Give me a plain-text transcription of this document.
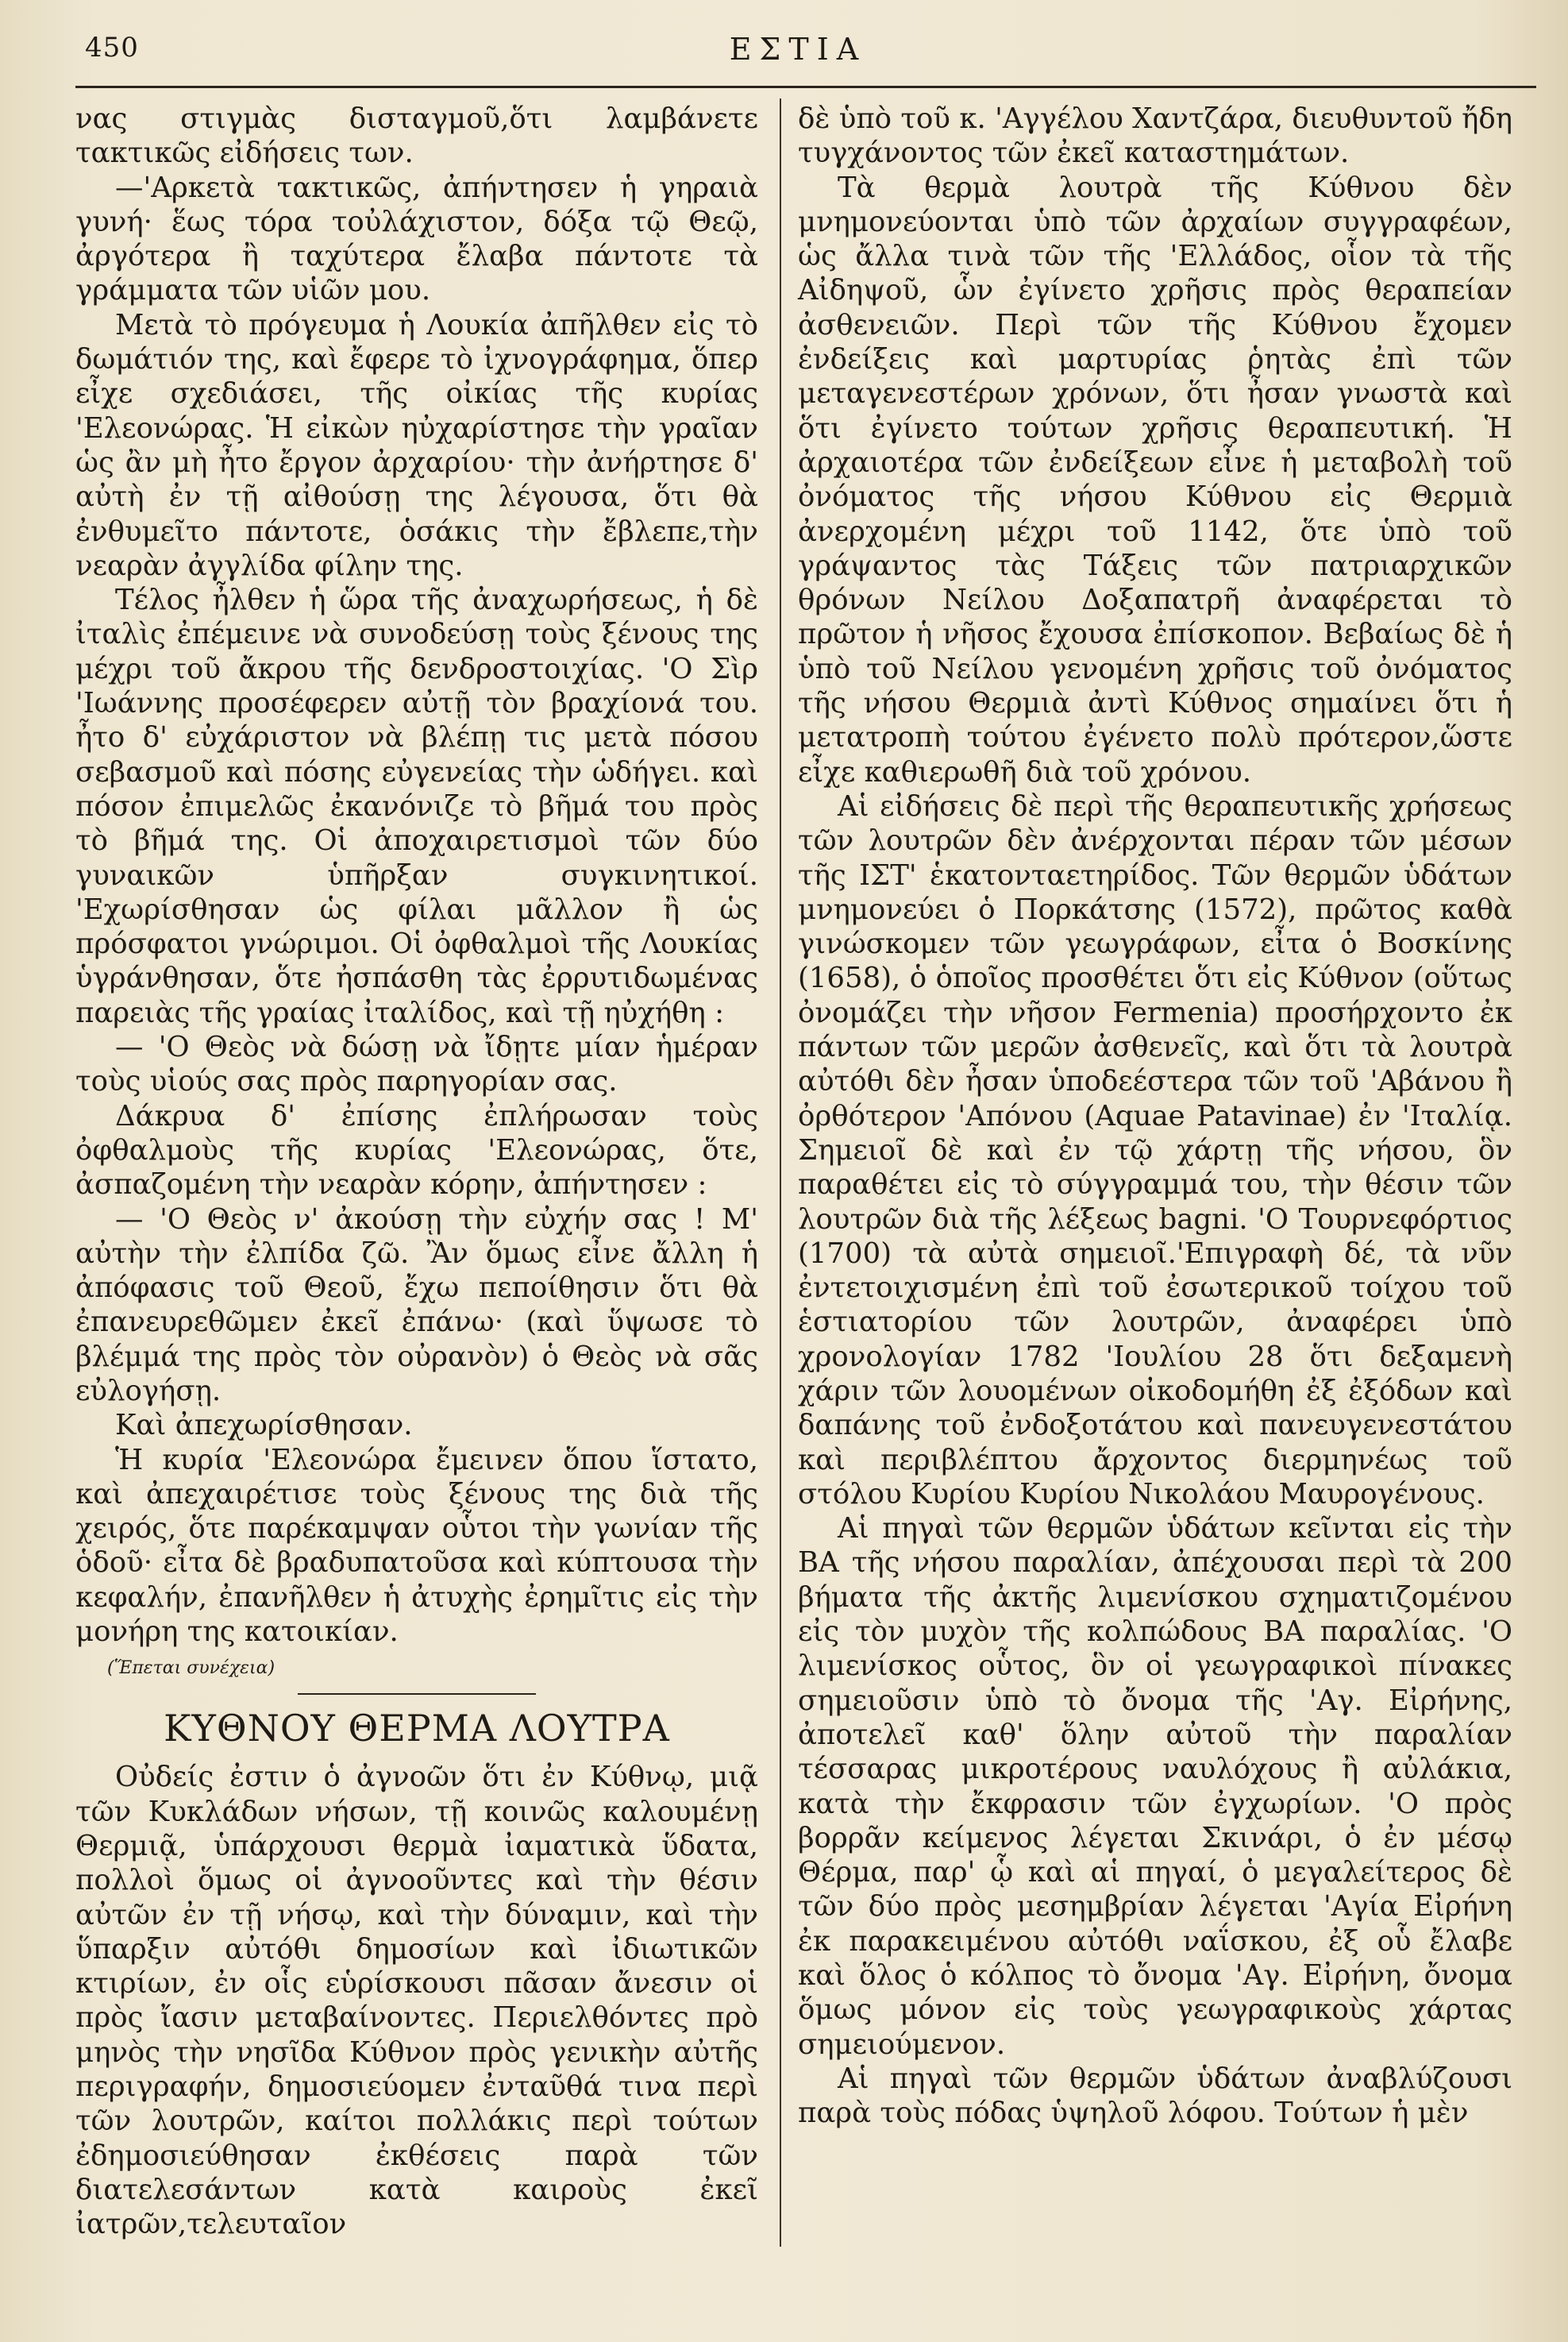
450	ΕΣΤΙΑ

νας στιγμὰς δισταγμοῦ,ὅτι λαμβάνετε τακτικῶς εἰδήσεις των.

—'Αρκετὰ τακτικῶς, ἀπήντησεν ἡ γηραιὰ γυνή· ἕως τόρα τοὐλάχιστον, δόξα τῷ Θεῷ, ἀργότερα ἢ ταχύτερα ἔλαβα πάντοτε τὰ γράμματα τῶν υἱῶν μου.

Μετὰ τὸ πρόγευμα ἡ Λουκία ἀπῆλθεν εἰς τὸ δωμάτιόν της, καὶ ἔφερε τὸ ἰχνογράφημα, ὅπερ εἶχε σχεδιάσει, τῆς οἰκίας τῆς κυρίας 'Ελεονώρας. Ἡ εἰκὼν ηὐχαρίστησε τὴν γραῖαν ὡς ἂν μὴ ἦτο ἔργον ἀρχαρίου· τὴν ἀνήρτησε δ' αὐτὴ ἐν τῇ αἰθούσῃ της λέγουσα, ὅτι θὰ ἐνθυμεῖτο πάντοτε, ὁσάκις τὴν ἔβλεπε,τὴν νεαρὰν ἀγγλίδα φίλην της.

Τέλος ἦλθεν ἡ ὥρα τῆς ἀναχωρήσεως, ἡ δὲ ἰταλὶς ἐπέμεινε νὰ συνοδεύσῃ τοὺς ξένους της μέχρι τοῦ ἄκρου τῆς δενδροστοιχίας. 'Ο Σὶρ 'Ιωάννης προσέφερεν αὐτῇ τὸν βραχίονά του. ἦτο δ' εὐχάριστον νὰ βλέπῃ τις μετὰ πόσου σεβασμοῦ καὶ πόσης εὐγενείας τὴν ὡδήγει. καὶ πόσον ἐπιμελῶς ἐκανόνιζε τὸ βῆμά του πρὸς τὸ βῆμά της. Οἱ ἀποχαιρετισμοὶ τῶν δύο γυναικῶν ὑπῆρξαν συγκινητικοί. 'Εχωρίσθησαν ὡς φίλαι μᾶλλον ἢ ὡς πρόσφατοι γνώριμοι. Οἱ ὀφθαλμοὶ τῆς Λουκίας ὑγράνθησαν, ὅτε ἠσπάσθη τὰς ἐρρυτιδωμένας παρειὰς τῆς γραίας ἰταλίδος, καὶ τῇ ηὐχήθη :

— 'Ο Θεὸς νὰ δώσῃ νὰ ἴδῃτε μίαν ἡμέραν τοὺς υἱούς σας πρὸς παρηγορίαν σας.

Δάκρυα δ' ἐπίσης ἐπλήρωσαν τοὺς ὀφθαλμοὺς τῆς κυρίας 'Ελεονώρας, ὅτε, ἀσπαζομένη τὴν νεαρὰν κόρην, ἀπήντησεν :

— 'Ο Θεὸς ν' ἀκούσῃ τὴν εὐχήν σας ! Μ' αὐτὴν τὴν ἐλπίδα ζῶ. Ἂν ὅμως εἶνε ἄλλη ἡ ἀπόφασις τοῦ Θεοῦ, ἔχω πεποίθησιν ὅτι θὰ ἐπανευρεθῶμεν ἐκεῖ ἐπάνω· (καὶ ὕψωσε τὸ βλέμμά της πρὸς τὸν οὐρανὸν) ὁ Θεὸς νὰ σᾶς εὐλογήσῃ.

Καὶ ἀπεχωρίσθησαν.

Ἡ κυρία 'Ελεονώρα ἔμεινεν ὅπου ἵστατο, καὶ ἀπεχαιρέτισε τοὺς ξένους της διὰ τῆς χειρός, ὅτε παρέκαμψαν οὗτοι τὴν γωνίαν τῆς ὁδοῦ· εἶτα δὲ βραδυπατοῦσα καὶ κύπτουσα τὴν κεφαλήν, ἐπανῆλθεν ἡ ἀτυχὴς ἐρημῖτις εἰς τὴν μονήρη της κατοικίαν.

(Ἕπεται συνέχεια)
ΚΥΘΝΟΥ ΘΕΡΜΑ ΛΟΥΤΡΑ

Οὐδείς ἐστιν ὁ ἀγνοῶν ὅτι ἐν Κύθνῳ, μιᾷ τῶν Κυκλάδων νήσων, τῇ κοινῶς καλουμένῃ Θερμιᾷ, ὑπάρχουσι θερμὰ ἰαματικὰ ὕδατα, πολλοὶ ὅμως οἱ ἀγνοοῦντες καὶ τὴν θέσιν αὐτῶν ἐν τῇ νήσῳ, καὶ τὴν δύναμιν, καὶ τὴν ὕπαρξιν αὐτόθι δημοσίων καὶ ἰδιωτικῶν κτιρίων, ἐν οἷς εὑρίσκουσι πᾶσαν ἄνεσιν οἱ πρὸς ἴασιν μεταβαίνοντες. Περιελθόντες πρὸ μηνὸς τὴν νησῖδα Κύθνον πρὸς γενικὴν αὐτῆς περιγραφήν, δημοσιεύομεν ἐνταῦθά τινα περὶ τῶν λουτρῶν, καίτοι πολλάκις περὶ τούτων ἐδημοσιεύθησαν ἐκθέσεις παρὰ τῶν διατελεσάντων κατὰ καιροὺς ἐκεῖ ἰατρῶν,τελευταῖον

δὲ ὑπὸ τοῦ κ. 'Αγγέλου Χαντζάρα, διευθυντοῦ ἤδη τυγχάνοντος τῶν ἐκεῖ καταστημάτων.

Τὰ θερμὰ λουτρὰ τῆς Κύθνου δὲν μνημονεύονται ὑπὸ τῶν ἀρχαίων συγγραφέων, ὡς ἄλλα τινὰ τῶν τῆς 'Ελλάδος, οἷον τὰ τῆς Αἰδηψοῦ, ὧν ἐγίνετο χρῆσις πρὸς θεραπείαν ἀσθενειῶν. Περὶ τῶν τῆς Κύθνου ἔχομεν ἐνδείξεις καὶ μαρτυρίας ῥητὰς ἐπὶ τῶν μεταγενεστέρων χρόνων, ὅτι ἦσαν γνωστὰ καὶ ὅτι ἐγίνετο τούτων χρῆσις θεραπευτική. Ἡ ἀρχαιοτέρα τῶν ἐνδείξεων εἶνε ἡ μεταβολὴ τοῦ ὀνόματος τῆς νήσου Κύθνου εἰς Θερμιὰ ἀνερχομένη μέχρι τοῦ 1142, ὅτε ὑπὸ τοῦ γράψαντος τὰς Τάξεις τῶν πατριαρχικῶν θρόνων Νείλου Δοξαπατρῆ ἀναφέρεται τὸ πρῶτον ἡ νῆσος ἔχουσα ἐπίσκοπον. Βεβαίως δὲ ἡ ὑπὸ τοῦ Νείλου γενομένη χρῆσις τοῦ ὀνόματος τῆς νήσου Θερμιὰ ἀντὶ Κύθνος σημαίνει ὅτι ἡ μετατροπὴ τούτου ἐγένετο πολὺ πρότερον,ὥστε εἶχε καθιερωθῆ διὰ τοῦ χρόνου.

Αἱ εἰδήσεις δὲ περὶ τῆς θεραπευτικῆς χρήσεως τῶν λουτρῶν δὲν ἀνέρχονται πέραν τῶν μέσων τῆς ΙΣΤ' ἑκατονταετηρίδος. Τῶν θερμῶν ὑδάτων μνημονεύει ὁ Πορκάτσης (1572), πρῶτος καθὰ γινώσκομεν τῶν γεωγράφων, εἶτα ὁ Βοσκίνης (1658), ὁ ὁποῖος προσθέτει ὅτι εἰς Κύθνον (οὕτως ὀνομάζει τὴν νῆσον Fermenia) προσήρχοντο ἐκ πάντων τῶν μερῶν ἀσθενεῖς, καὶ ὅτι τὰ λουτρὰ αὐτόθι δὲν ἦσαν ὑποδεέστερα τῶν τοῦ 'Αβάνου ἢ ὀρθότερον 'Απόνου (Aquae Patavinae) ἐν 'Ιταλίᾳ. Σημειοῖ δὲ καὶ ἐν τῷ χάρτῃ τῆς νήσου, ὃν παραθέτει εἰς τὸ σύγγραμμά του, τὴν θέσιν τῶν λουτρῶν διὰ τῆς λέξεως bagni. 'Ο Τουρνεφόρτιος (1700) τὰ αὐτὰ σημειοῖ.'Επιγραφὴ δέ, τὰ νῦν ἐντετοιχισμένη ἐπὶ τοῦ ἐσωτερικοῦ τοίχου τοῦ ἑστιατορίου τῶν λουτρῶν, ἀναφέρει ὑπὸ χρονολογίαν 1782 'Ιουλίου 28 ὅτι δεξαμενὴ χάριν τῶν λουομένων οἰκοδομήθη ἐξ ἐξόδων καὶ δαπάνης τοῦ ἐνδοξοτάτου καὶ πανευγενεστάτου καὶ περιβλέπτου ἄρχοντος διερμηνέως τοῦ στόλου Κυρίου Κυρίου Νικολάου Μαυρογένους.

Αἱ πηγαὶ τῶν θερμῶν ὑδάτων κεῖνται εἰς τὴν ΒΑ τῆς νήσου παραλίαν, ἀπέχουσαι περὶ τὰ 200 βήματα τῆς ἀκτῆς λιμενίσκου σχηματιζομένου εἰς τὸν μυχὸν τῆς κολπώδους ΒΑ παραλίας. 'Ο λιμενίσκος οὗτος, ὃν οἱ γεωγραφικοὶ πίνακες σημειοῦσιν ὑπὸ τὸ ὄνομα τῆς 'Αγ. Εἰρήνης, ἀποτελεῖ καθ' ὅλην αὐτοῦ τὴν παραλίαν τέσσαρας μικροτέρους ναυλόχους ἢ αὐλάκια, κατὰ τὴν ἔκφρασιν τῶν ἐγχωρίων. 'Ο πρὸς βορρᾶν κείμενος λέγεται Σκινάρι, ὁ ἐν μέσῳ Θέρμα, παρ' ᾧ καὶ αἱ πηγαί, ὁ μεγαλείτερος δὲ τῶν δύο πρὸς μεσημβρίαν λέγεται 'Αγία Εἰρήνη ἐκ παρακειμένου αὐτόθι ναΐσκου, ἐξ οὗ ἔλαβε καὶ ὅλος ὁ κόλπος τὸ ὄνομα 'Αγ. Εἰρήνη, ὄνομα ὅμως μόνον εἰς τοὺς γεωγραφικοὺς χάρτας σημειούμενον.

Αἱ πηγαὶ τῶν θερμῶν ὑδάτων ἀναβλύζουσι παρὰ τοὺς πόδας ὑψηλοῦ λόφου. Τούτων ἡ μὲν
